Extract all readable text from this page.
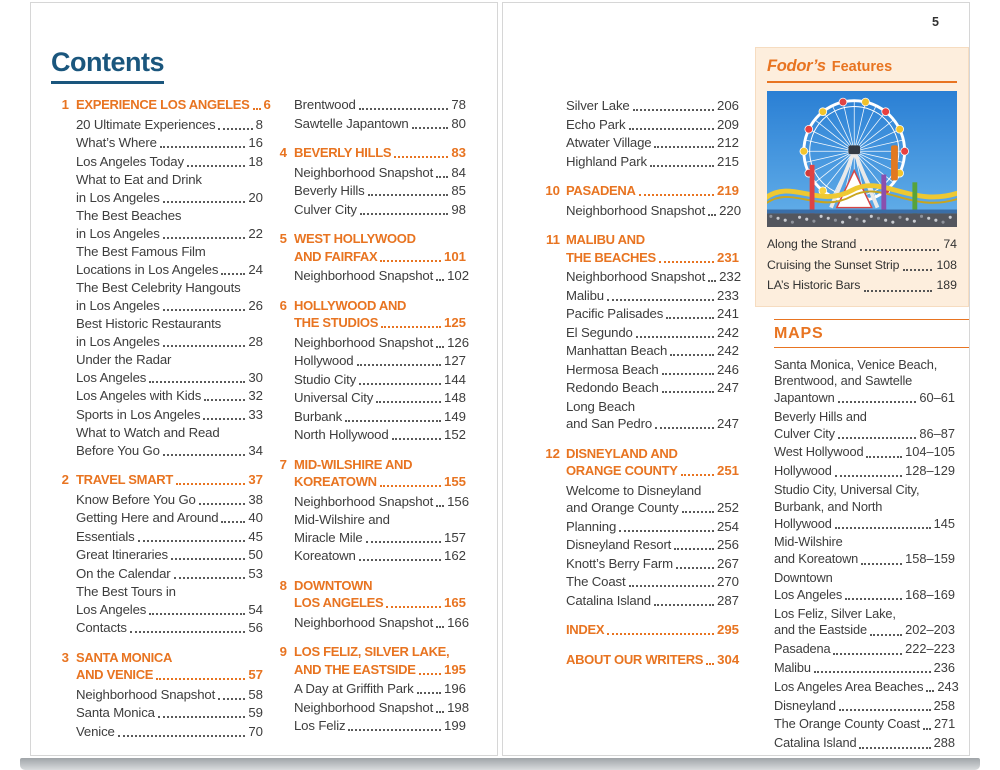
Contents
1 EXPERIENCE LOS ANGELES 6
20 Ultimate Experiences	8
What’s Where	16
Los Angeles Today	18
What to Eat and Drink
in Los Angeles	20
The Best Beaches
in Los Angeles	22
The Best Famous Film
Locations in Los Angeles 24
The Best Celebrity Hangouts
in Los Angeles	26
Best Historic Restaurants
in Los Angeles	28
Under the Radar
Los Angeles	30
Los Angeles with Kids	32
Sports in Los Angeles	33
What to Watch and Read
Before You Go	34
2 TRAVEL SMART	37
Know Before You Go	38
Getting Here and Around 40
Essentials	45
Great Itineraries	50
On the Calendar	53
The Best Tours in
Los Angeles	54
Contacts	56
3 SANTA MONICA
AND VENICE	57
Neighborhood Snapshot	58
Santa Monica	59
Venice	70
Brentwood	78
Sawtelle Japantown	80
4 BEVERLY HILLS	83
Neighborhood Snapshot 84
Beverly Hills	85
Culver City	98
5 WEST HOLLYWOOD
AND FAIRFAX	101
Neighborhood Snapshot 102
6 HOLLYWOOD AND
THE STUDIOS	125
Neighborhood Snapshot 126
Hollywood	127
Studio City	144
Universal City	148
Burbank	149
North Hollywood	152
7 MID-WILSHIRE AND
KOREATOWN	155
Neighborhood Snapshot 156
Mid-Wilshire and
Miracle Mile	157
Koreatown	162
8 DOWNTOWN
LOS ANGELES	165
Neighborhood Snapshot 166
9 LOS FELIZ, SILVER LAKE,
AND THE EASTSIDE 195
A Day at Griffith Park 196
Neighborhood Snapshot 198
Los Feliz	199
5
Silver Lake	206
Echo Park	209
Atwater Village	212
Highland Park	215
10 PASADENA	219
Neighborhood Snapshot 220
11 MALIBU AND
THE BEACHES	231
Neighborhood Snapshot 232
Malibu	233
Pacific Palisades	241
El Segundo	242
Manhattan Beach	242
Hermosa Beach	246
Redondo Beach	247
Long Beach
and San Pedro	247
12 DISNEYLAND AND
ORANGE COUNTY	251
Welcome to Disneyland
and Orange County	252
Planning	254
Disneyland Resort	256
Knott’s Berry Farm	267
The Coast	270
Catalina Island	287
INDEX	295
ABOUT OUR WRITERS 304
Fodor’s Features
Along the Strand	74
Cruising the Sunset Strip	108
LA’s Historic Bars	189
MAPS
Santa Monica, Venice Beach,
Brentwood, and Sawtelle
Japantown	60–61
Beverly Hills and
Culver City	86–87
West Hollywood	104–105
Hollywood	128–129
Studio City, Universal City,
Burbank, and North
Hollywood	145
Mid-Wilshire
and Koreatown	158–159
Downtown
Los Angeles	168–169
Los Feliz, Silver Lake,
and the Eastside	202–203
Pasadena	222–223
Malibu	236
Los Angeles Area Beaches 243
Disneyland	258
The Orange County Coast 271
Catalina Island	288
